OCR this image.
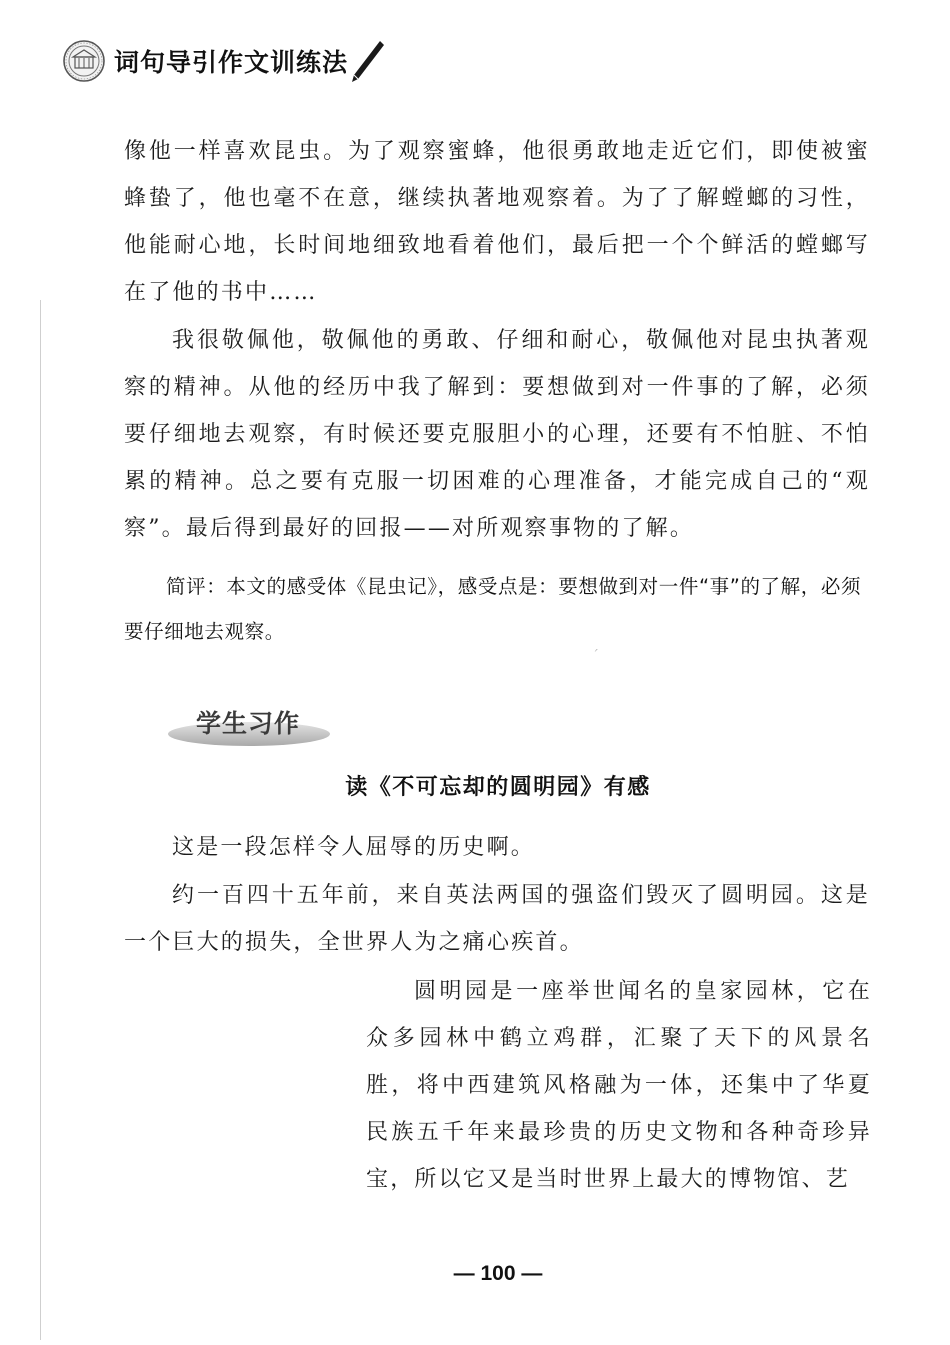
词句导引作文训练法

像他一样喜欢昆虫。为了观察蜜蜂，他很勇敢地走近它们，即使被蜜蜂蛰了，他也毫不在意，继续执著地观察着。为了了解螳螂的习性，他能耐心地，长时间地细致地看着他们，最后把一个个鲜活的螳螂写在了他的书中……

我很敬佩他，敬佩他的勇敢、仔细和耐心，敬佩他对昆虫执著观察的精神。从他的经历中我了解到：要想做到对一件事的了解，必须要仔细地去观察，有时候还要克服胆小的心理，还要有不怕脏、不怕累的精神。总之要有克服一切困难的心理准备，才能完成自己的“观察”。最后得到最好的回报——对所观察事物的了解。

简评：本文的感受体《昆虫记》，感受点是：要想做到对一件“事”的了解，必须要仔细地去观察。

ˊ
学生习作
读《不可忘却的圆明园》有感

这是一段怎样令人屈辱的历史啊。

约一百四十五年前，来自英法两国的强盗们毁灭了圆明园。这是一个巨大的损失，全世界人为之痛心疾首。

圆明园是一座举世闻名的皇家园林，它在众多园林中鹤立鸡群，汇聚了天下的风景名胜，将中西建筑风格融为一体，还集中了华夏民族五千年来最珍贵的历史文物和各种奇珍异宝，所以它又是当时世界上最大的博物馆、艺

— 100 —
